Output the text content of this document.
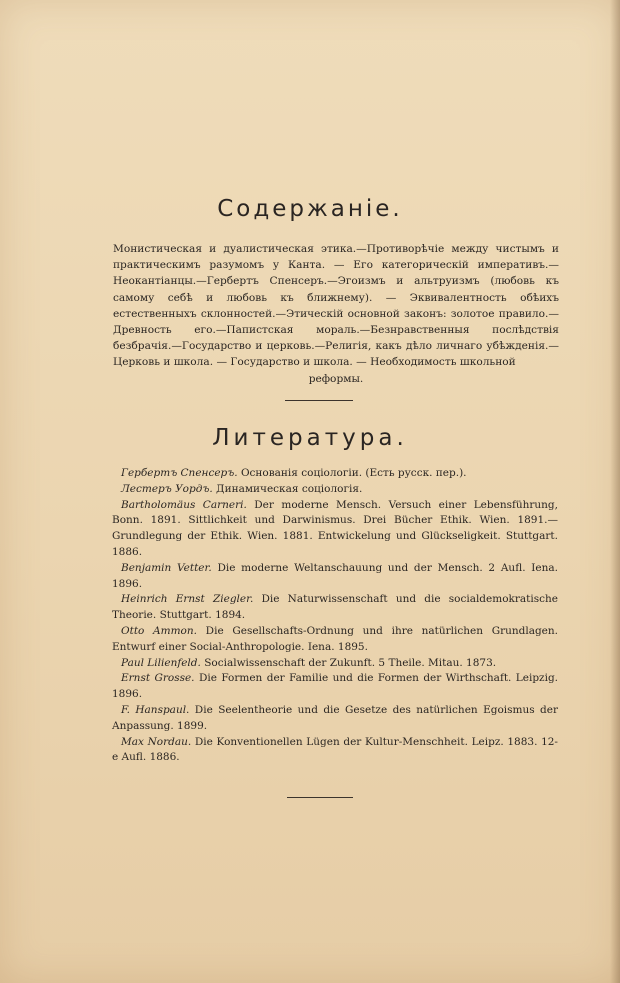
Содержаніе.
Монистическая и дуалистическая этика.—Противорѣчіе между чистымъ и практическимъ разумомъ у Канта. — Его категорическій императивъ.— Неокантіанцы.—Гербертъ Спенсеръ.—Эгоизмъ и альтруизмъ (любовь къ самому себѣ и любовь къ ближнему). — Эквивалентность обѣихъ естественныхъ склонностей.—Этическій основной законъ: золотое правило.— Древность его.—Папистская мораль.—Безнравственныя послѣдствія безбрачія.—Государство и церковь.—Религія, какъ дѣло личнаго убѣжденія.— Церковь и школа. — Государство и школа. — Необходимость школьной
реформы.
Литература.
Гербертъ Спенсеръ. Основанія соціологіи. (Есть русск. пер.).
Лестеръ Уордъ. Динамическая соціологія.
Bartholomäus Carneri. Der moderne Mensch. Versuch einer Lebensführung, Bonn. 1891. Sittlichkeit und Darwinismus. Drei Bücher Ethik. Wien. 1891.—Grundlegung der Ethik. Wien. 1881. Entwickelung und Glückseligkeit. Stuttgart. 1886.
Benjamin Vetter. Die moderne Weltanschauung und der Mensch. 2 Aufl. Iena. 1896.
Heinrich Ernst Ziegler. Die Naturwissenschaft und die socialdemokratische Theorie. Stuttgart. 1894.
Otto Ammon. Die Gesellschafts-Ordnung und ihre natürlichen Grundlagen. Entwurf einer Social-Anthropologie. Iena. 1895.
Paul Lilienfeld. Socialwissenschaft der Zukunft. 5 Theile. Mitau. 1873.
Ernst Grosse. Die Formen der Familie und die Formen der Wirthschaft. Leipzig. 1896.
F. Hanspaul. Die Seelentheorie und die Gesetze des natürlichen Egoismus der Anpassung. 1899.
Max Nordau. Die Konventionellen Lügen der Kultur-Menschheit. Leipz. 1883. 12-e Aufl. 1886.
